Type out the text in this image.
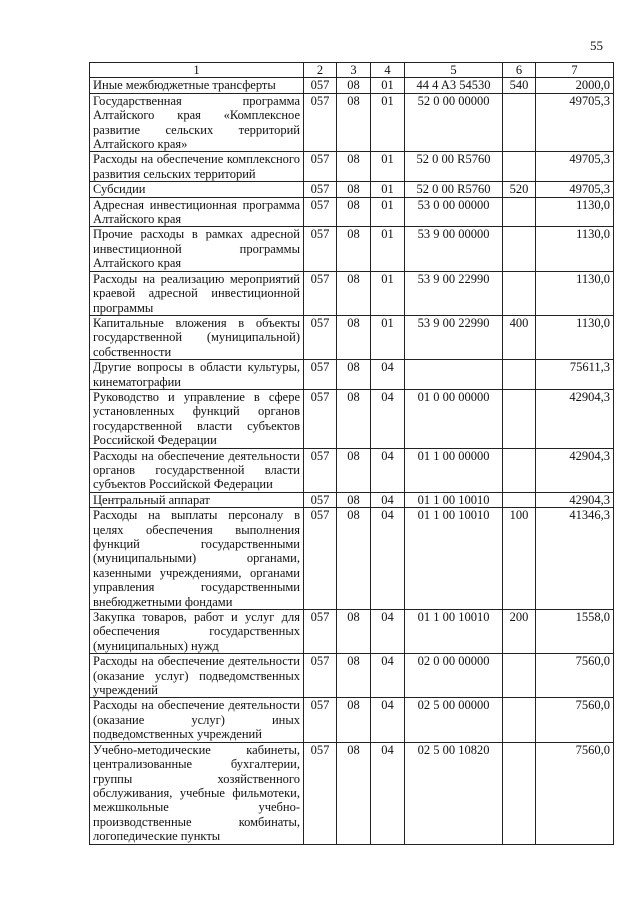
55
1	2	3	4	5	6	7
Иные межбюджетные трансферты	057	08	01	44 4 A3 54530	540	2000,0
Государственная программа Алтайского края «Комплексное развитие сельских территорий Алтайского края»	057	08	01	52 0 00 00000		49705,3
Расходы на обеспечение комплексного развития сельских территорий	057	08	01	52 0 00 R5760		49705,3
Субсидии	057	08	01	52 0 00 R5760	520	49705,3
Адресная инвестиционная программа Алтайского края	057	08	01	53 0 00 00000		1130,0
Прочие расходы в рамках адресной инвестиционной программы Алтайского края	057	08	01	53 9 00 00000		1130,0
Расходы на реализацию мероприятий краевой адресной инвестиционной программы	057	08	01	53 9 00 22990		1130,0
Капитальные вложения в объекты государственной (муниципальной) собственности	057	08	01	53 9 00 22990	400	1130,0
Другие вопросы в области культуры, кинематографии	057	08	04			75611,3
Руководство и управление в сфере установленных функций органов государственной власти субъектов Российской Федерации	057	08	04	01 0 00 00000		42904,3
Расходы на обеспечение деятельности органов государственной власти субъектов Российской Федерации	057	08	04	01 1 00 00000		42904,3
Центральный аппарат	057	08	04	01 1 00 10010		42904,3
Расходы на выплаты персоналу в целях обеспечения выполнения функций государственными (муниципальными) органами, казенными учреждениями, органами управления государственными внебюджетными фондами	057	08	04	01 1 00 10010	100	41346,3
Закупка товаров, работ и услуг для обеспечения государственных (муниципальных) нужд	057	08	04	01 1 00 10010	200	1558,0
Расходы на обеспечение деятельности (оказание услуг) подведомственных учреждений	057	08	04	02 0 00 00000		7560,0
Расходы на обеспечение деятельности (оказание услуг) иных подведомственных учреждений	057	08	04	02 5 00 00000		7560,0
Учебно-методические кабинеты, централизованные бухгалтерии, группы хозяйственного обслуживания, учебные фильмотеки, межшкольные учебно-производственные комбинаты, логопедические пункты	057	08	04	02 5 00 10820		7560,0
